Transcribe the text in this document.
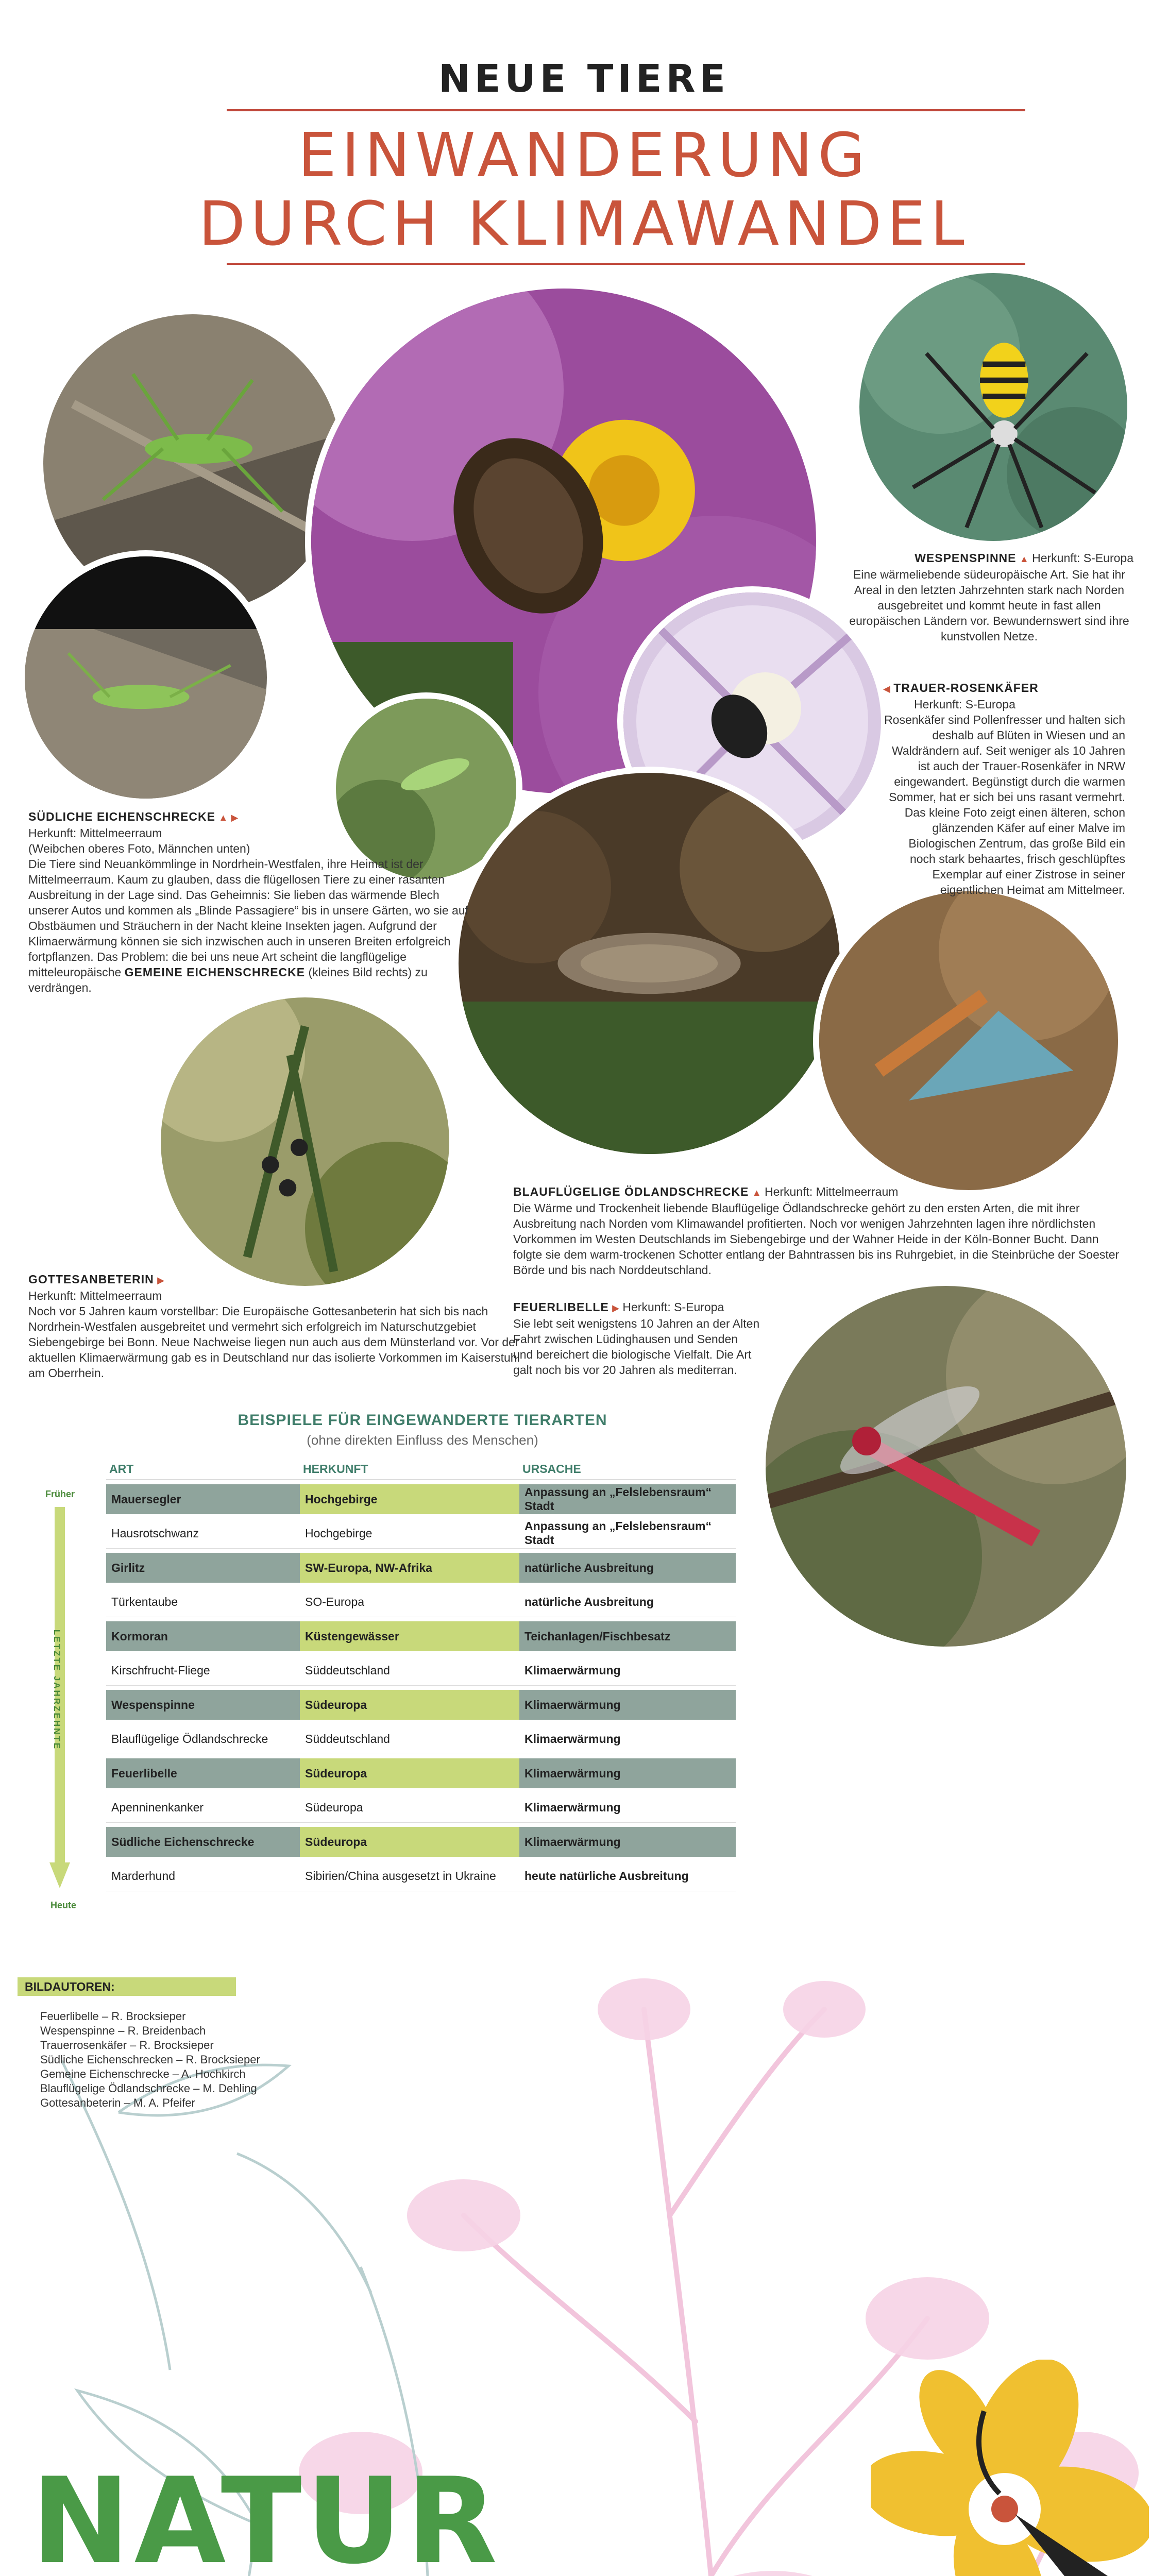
NEUE TIERE
EINWANDERUNG
DURCH KLIMAWANDEL

WESPENSPINNE ▲ Herkunft: S-Europa

Eine wärmeliebende südeuropäische Art. Sie hat ihr Areal in den letzten Jahrzehnten stark nach Norden ausgebreitet und kommt heute in fast allen europäischen Ländern vor. Bewundernswert sind ihre kunstvollen Netze.

◀ TRAUER-ROSENKÄFER

Herkunft: S-Europa

Rosenkäfer sind Pollenfresser und halten sich deshalb auf Blüten in Wiesen und an Waldrändern auf. Seit weniger als 10 Jahren ist auch der Trauer-Rosenkäfer in NRW eingewandert. Begünstigt durch die warmen Sommer, hat er sich bei uns rasant vermehrt. Das kleine Foto zeigt einen älteren, schon glänzenden Käfer auf einer Malve im Biologischen Zentrum, das große Bild ein noch stark behaartes, frisch geschlüpftes Exemplar auf einer Zistrose in seiner eigentlichen Heimat am Mittelmeer.

SÜDLICHE EICHENSCHRECKE ▲ ▶

Herkunft: Mittelmeerraum

(Weibchen oberes Foto, Männchen unten)

Die Tiere sind Neuankömmlinge in Nordrhein-Westfalen, ihre Heimat ist der Mittelmeerraum. Kaum zu glauben, dass die flügellosen Tiere zu einer rasanten Ausbreitung in der Lage sind. Das Geheimnis: Sie lieben das wärmende Blech unserer Autos und kommen als „Blinde Passagiere“ bis in unsere Gärten, wo sie auf Obstbäumen und Sträuchern in der Nacht kleine Insekten jagen. Aufgrund der Klimaerwärmung können sie sich inzwischen auch in unseren Breiten erfolgreich fortpflanzen. Das Problem: die bei uns neue Art scheint die langflügelige mitteleuropäische GEMEINE EICHENSCHRECKE (kleines Bild rechts) zu verdrängen.

BLAUFLÜGELIGE ÖDLANDSCHRECKE ▲ Herkunft: Mittelmeerraum

Die Wärme und Trockenheit liebende Blauflügelige Ödlandschrecke gehört zu den ersten Arten, die mit ihrer Ausbreitung nach Norden vom Klimawandel profitierten. Noch vor wenigen Jahrzehnten lagen ihre nördlichsten Vorkommen im Westen Deutschlands im Siebengebirge und der Wahner Heide in der Köln-Bonner Bucht. Dann folgte sie dem warm-trockenen Schotter entlang der Bahntrassen bis ins Ruhrgebiet, in die Steinbrüche der Soester Börde und bis nach Norddeutschland.

FEUERLIBELLE ▶ Herkunft: S-Europa

Sie lebt seit wenigstens 10 Jahren an der Alten Fahrt zwischen Lüdinghausen und Senden und bereichert die biologische Vielfalt. Die Art galt noch bis vor 20 Jahren als mediterran.

GOTTESANBETERIN ▶

Herkunft: Mittelmeerraum

Noch vor 5 Jahren kaum vorstellbar: Die Europäische Gottesanbeterin hat sich bis nach Nordrhein-Westfalen ausgebreitet und vermehrt sich erfolgreich im Naturschutzgebiet Siebengebirge bei Bonn. Neue Nachweise liegen nun auch aus dem Münsterland vor. Vor der aktuellen Klimaerwärmung gab es in Deutschland nur das isolierte Vorkommen im Kaiserstuhl am Oberrhein.

BEISPIELE FÜR EINGEWANDERTE TIERARTEN
(ohne direkten Einfluss des Menschen)
Früher
LETZTE JAHRZEHNTE
Heute
ART	HERKUNFT	URSACHE
Mauersegler	Hochgebirge	Anpassung an „Felslebensraum“ Stadt
Hausrotschwanz	Hochgebirge	Anpassung an „Felslebensraum“ Stadt
Girlitz	SW-Europa, NW-Afrika	natürliche Ausbreitung
Türkentaube	SO-Europa	natürliche Ausbreitung
Kormoran	Küstengewässer	Teichanlagen/Fischbesatz
Kirschfrucht-Fliege	Süddeutschland	Klimaerwärmung
Wespenspinne	Südeuropa	Klimaerwärmung
Blauflügelige Ödlandschrecke	Süddeutschland	Klimaerwärmung
Feuerlibelle	Südeuropa	Klimaerwärmung
Apenninenkanker	Südeuropa	Klimaerwärmung
Südliche Eichenschrecke	Südeuropa	Klimaerwärmung
Marderhund	Sibirien/China ausgesetzt in Ukraine	heute natürliche Ausbreitung
BILDAUTOREN:
Feuerlibelle – R. Brocksieper
Wespenspinne – R. Breidenbach
Trauerrosenkäfer – R. Brocksieper
Südliche Eichenschrecken – R. Brocksieper
Gemeine Eichenschrecke – A. Hochkirch
Blauflügelige Ödlandschrecke – M. Dehling
Gottesanbeterin – M. A. Pfeifer
NATUR
